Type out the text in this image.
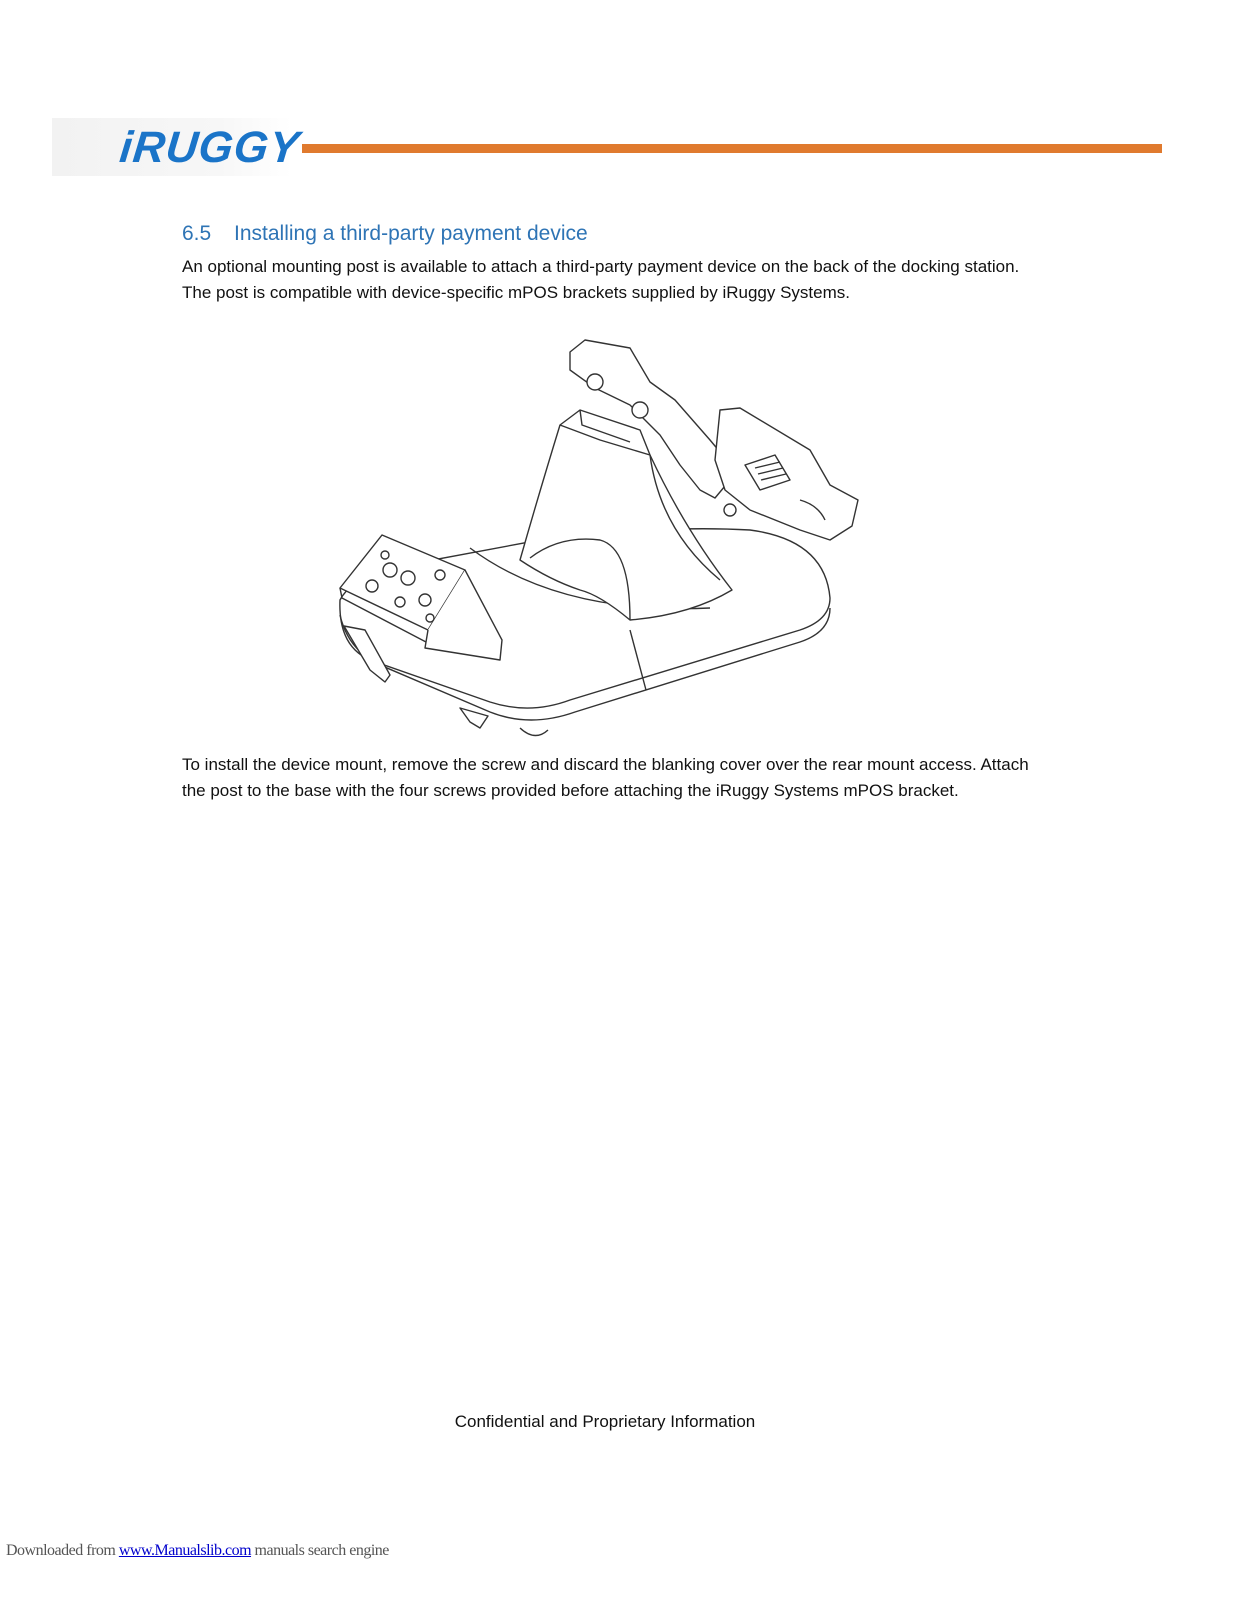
iRUGGY
6.5 Installing a third-party payment device
An optional mounting post is available to attach a third-party payment device on the back of the docking station. The post is compatible with device-specific mPOS brackets supplied by iRuggy Systems.
To install the device mount, remove the screw and discard the blanking cover over the rear mount access. Attach the post to the base with the four screws provided before attaching the iRuggy Systems mPOS bracket.
Confidential and Proprietary Information
Downloaded from www.Manualslib.com manuals search engine
